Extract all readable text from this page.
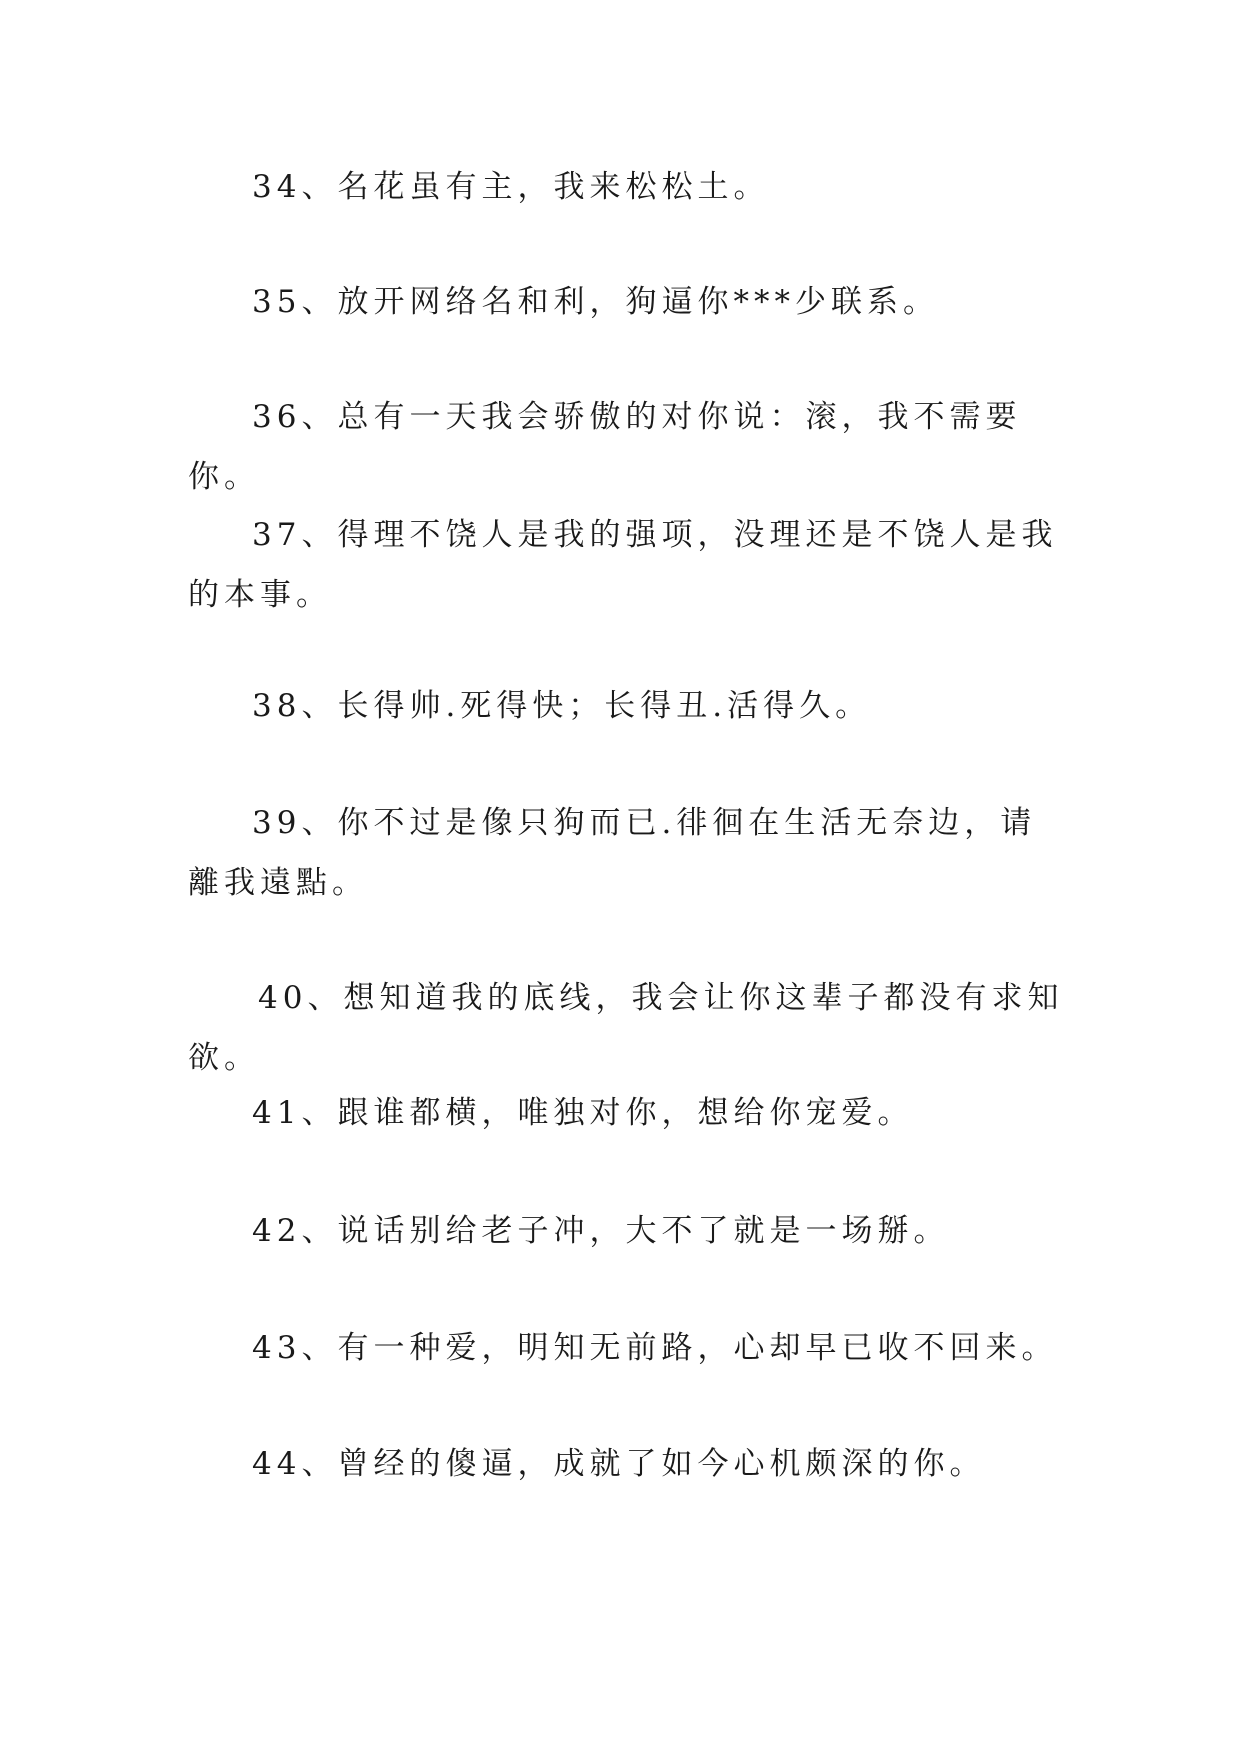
34、名花虽有主，我来松松土。

35、放开网络名和利，狗逼你***少联系。

36、总有一天我会骄傲的对你说：滚，我不需要你。

37、得理不饶人是我的强项，没理还是不饶人是我的本事。

38、长得帅.死得快；长得丑.活得久。

39、你不过是像只狗而已.徘徊在生活无奈边，请離我遠點。

40、想知道我的底线，我会让你这辈子都没有求知欲。

41、跟谁都横，唯独对你，想给你宠爱。

42、说话别给老子冲，大不了就是一场掰。

43、有一种爱，明知无前路，心却早已收不回来。

44、曾经的傻逼，成就了如今心机颇深的你。
